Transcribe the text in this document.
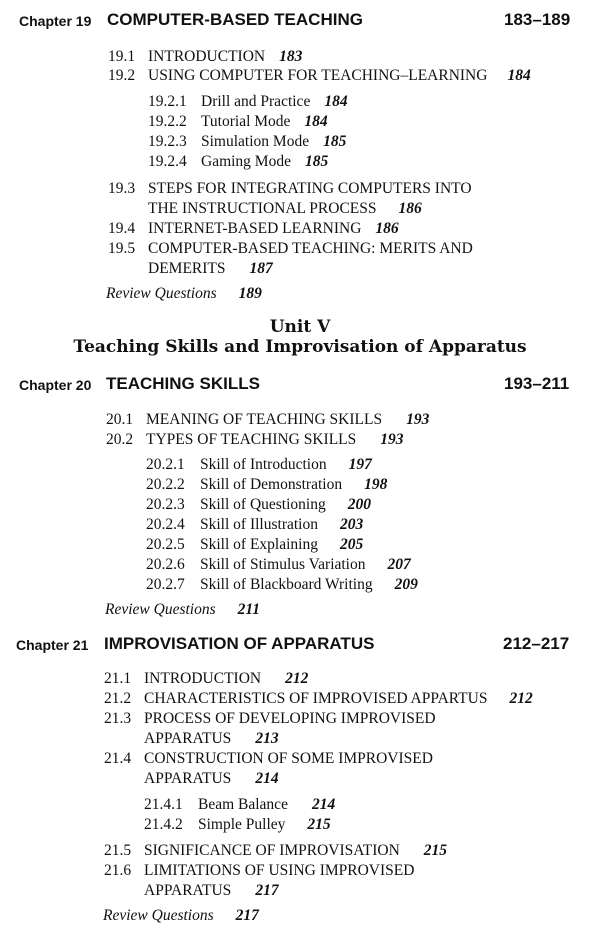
Chapter 19 COMPUTER-BASED TEACHING	183–189
19.1 INTRODUCTION 183
19.2 USING COMPUTER FOR TEACHING–LEARNING 184
19.2.1 Drill and Practice 184
19.2.2 Tutorial Mode 184
19.2.3 Simulation Mode 185
19.2.4 Gaming Mode 185
19.3 STEPS FOR INTEGRATING COMPUTERS INTO
THE INSTRUCTIONAL PROCESS 186
19.4 INTERNET-BASED LEARNING 186
19.5 COMPUTER-BASED TEACHING: MERITS AND
DEMERITS 187
Review Questions 189
Unit V
Teaching Skills and Improvisation of Apparatus
Chapter 20 TEACHING SKILLS	193–211
20.1 MEANING OF TEACHING SKILLS 193
20.2 TYPES OF TEACHING SKILLS 193
20.2.1 Skill of Introduction 197
20.2.2 Skill of Demonstration 198
20.2.3 Skill of Questioning 200
20.2.4 Skill of Illustration 203
20.2.5 Skill of Explaining 205
20.2.6 Skill of Stimulus Variation 207
20.2.7 Skill of Blackboard Writing 209
Review Questions 211
Chapter 21 IMPROVISATION OF APPARATUS	212–217
21.1 INTRODUCTION 212
21.2 CHARACTERISTICS OF IMPROVISED APPARTUS 212
21.3 PROCESS OF DEVELOPING IMPROVISED
APPARATUS 213
21.4 CONSTRUCTION OF SOME IMPROVISED
APPARATUS 214
21.4.1 Beam Balance 214
21.4.2 Simple Pulley 215
21.5 SIGNIFICANCE OF IMPROVISATION 215
21.6 LIMITATIONS OF USING IMPROVISED
APPARATUS 217
Review Questions 217
